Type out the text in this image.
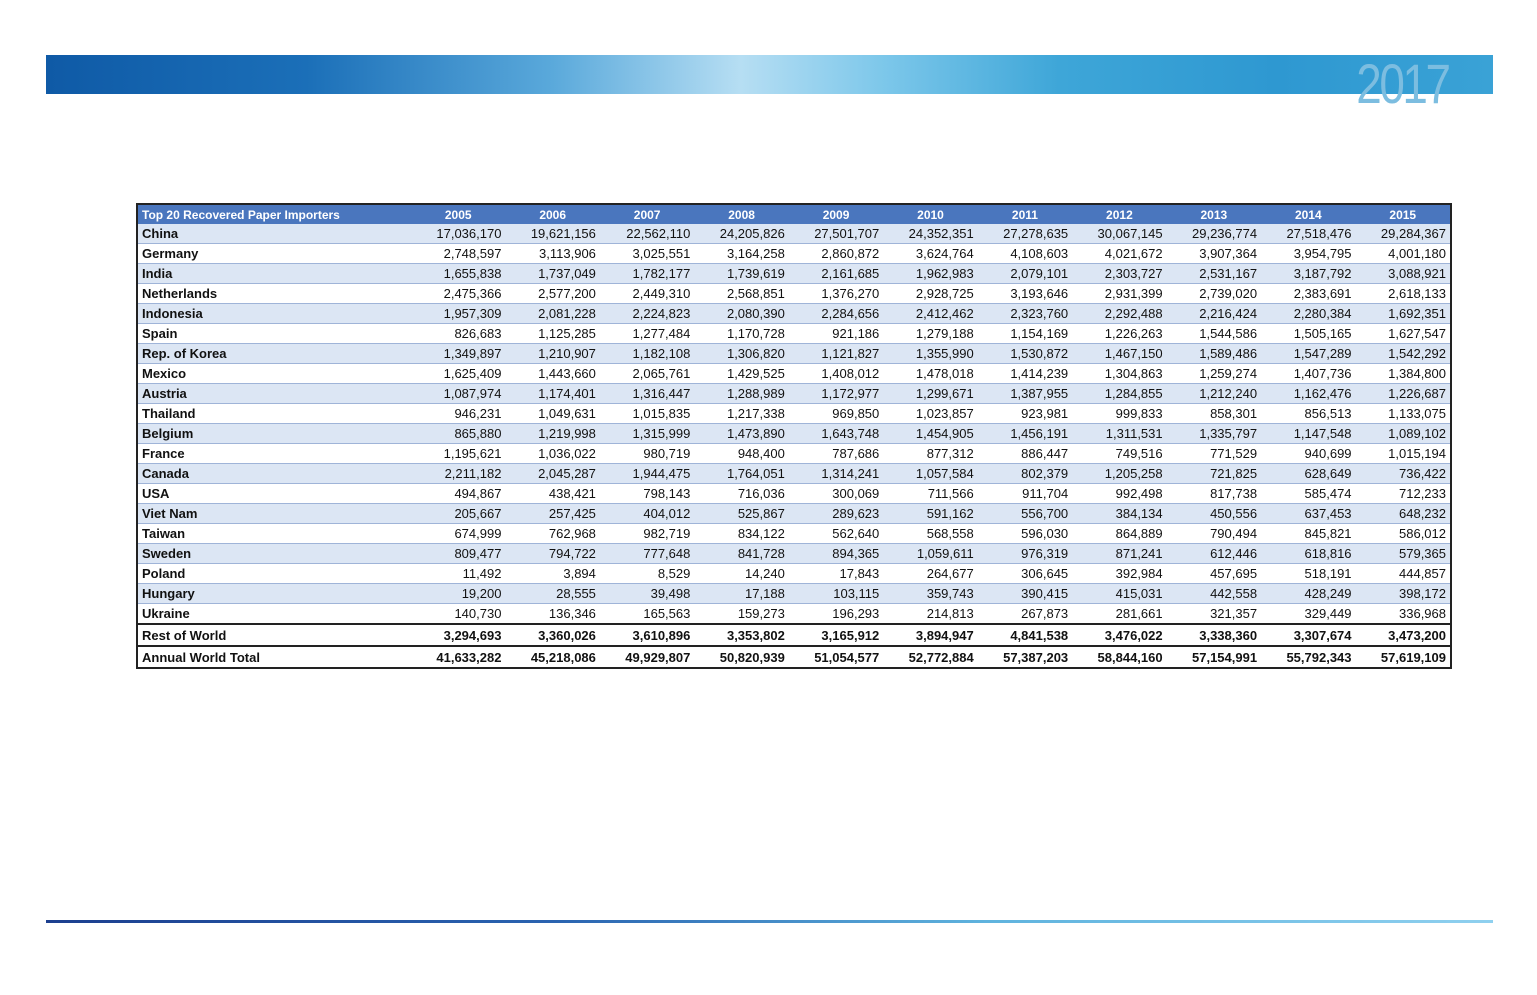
2017
Top 20 Recovered Paper Importers	2005	2006	2007	2008	2009	2010	2011	2012	2013	2014	2015
China	17,036,170	19,621,156	22,562,110	24,205,826	27,501,707	24,352,351	27,278,635	30,067,145	29,236,774	27,518,476	29,284,367
Germany	2,748,597	3,113,906	3,025,551	3,164,258	2,860,872	3,624,764	4,108,603	4,021,672	3,907,364	3,954,795	4,001,180
India	1,655,838	1,737,049	1,782,177	1,739,619	2,161,685	1,962,983	2,079,101	2,303,727	2,531,167	3,187,792	3,088,921
Netherlands	2,475,366	2,577,200	2,449,310	2,568,851	1,376,270	2,928,725	3,193,646	2,931,399	2,739,020	2,383,691	2,618,133
Indonesia	1,957,309	2,081,228	2,224,823	2,080,390	2,284,656	2,412,462	2,323,760	2,292,488	2,216,424	2,280,384	1,692,351
Spain	826,683	1,125,285	1,277,484	1,170,728	921,186	1,279,188	1,154,169	1,226,263	1,544,586	1,505,165	1,627,547
Rep. of Korea	1,349,897	1,210,907	1,182,108	1,306,820	1,121,827	1,355,990	1,530,872	1,467,150	1,589,486	1,547,289	1,542,292
Mexico	1,625,409	1,443,660	2,065,761	1,429,525	1,408,012	1,478,018	1,414,239	1,304,863	1,259,274	1,407,736	1,384,800
Austria	1,087,974	1,174,401	1,316,447	1,288,989	1,172,977	1,299,671	1,387,955	1,284,855	1,212,240	1,162,476	1,226,687
Thailand	946,231	1,049,631	1,015,835	1,217,338	969,850	1,023,857	923,981	999,833	858,301	856,513	1,133,075
Belgium	865,880	1,219,998	1,315,999	1,473,890	1,643,748	1,454,905	1,456,191	1,311,531	1,335,797	1,147,548	1,089,102
France	1,195,621	1,036,022	980,719	948,400	787,686	877,312	886,447	749,516	771,529	940,699	1,015,194
Canada	2,211,182	2,045,287	1,944,475	1,764,051	1,314,241	1,057,584	802,379	1,205,258	721,825	628,649	736,422
USA	494,867	438,421	798,143	716,036	300,069	711,566	911,704	992,498	817,738	585,474	712,233
Viet Nam	205,667	257,425	404,012	525,867	289,623	591,162	556,700	384,134	450,556	637,453	648,232
Taiwan	674,999	762,968	982,719	834,122	562,640	568,558	596,030	864,889	790,494	845,821	586,012
Sweden	809,477	794,722	777,648	841,728	894,365	1,059,611	976,319	871,241	612,446	618,816	579,365
Poland	11,492	3,894	8,529	14,240	17,843	264,677	306,645	392,984	457,695	518,191	444,857
Hungary	19,200	28,555	39,498	17,188	103,115	359,743	390,415	415,031	442,558	428,249	398,172
Ukraine	140,730	136,346	165,563	159,273	196,293	214,813	267,873	281,661	321,357	329,449	336,968
Rest of World	3,294,693	3,360,026	3,610,896	3,353,802	3,165,912	3,894,947	4,841,538	3,476,022	3,338,360	3,307,674	3,473,200
Annual World Total	41,633,282	45,218,086	49,929,807	50,820,939	51,054,577	52,772,884	57,387,203	58,844,160	57,154,991	55,792,343	57,619,109
